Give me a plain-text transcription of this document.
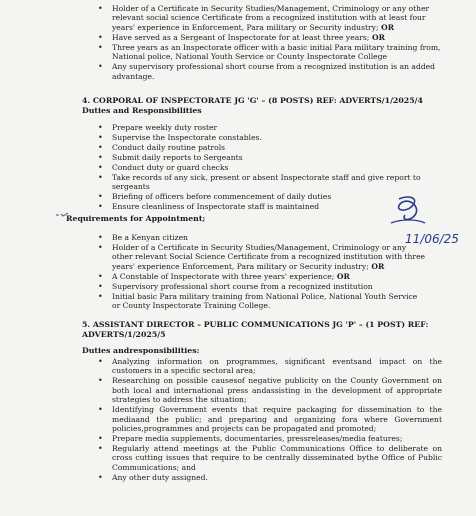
• Holder of a Certificate in Security Studies/Management, Criminology or any other relevant social science Certificate from a recognized institution with at least four years' experience in Enforcement, Para military or Security industry; OR
• Have served as a Sergeant of Inspectorate for at least three years; OR
• Three years as an Inspectorate officer with a basic initial Para military training from, National police, National Youth Service or County Inspectorate College
• Any supervisory professional short course from a recognized institution is an added advantage.
4. CORPORAL OF INSPECTORATE JG 'G' – (8 POSTS) REF: ADVERTS/1/2025/4
Duties and Responsibilities
• Prepare weekly duty roster
• Supervise the Inspectorate constables.
• Conduct daily routine patrols
• Submit daily reports to Sergeants
• Conduct duty or guard checks
• Take records of any sick, present or absent Inspectorate staff and give report to sergeants
• Briefing of officers before commencement of daily duties
• Ensure cleanliness of Inspectorate staff is maintained
Requirements for Appointment;
11/06/25
• Be a Kenyan citizen
• Holder of a Certificate in Security Studies/Management, Criminology or any other relevant Social Science Certificate from a recognized institution with three years' experience Enforcement, Para military or Security industry; OR
• A Constable of Inspectorate with three years' experience; OR
• Supervisory professional short course from a recognized institution
• Initial basic Para military training from National Police, National Youth Service or County Inspectorate Training College.
5. ASSISTANT DIRECTOR – PUBLIC COMMUNICATIONS JG 'P' – (1 POST) REF: ADVERTS/1/2025/5
Duties andresponsibilities:
• Analyzing information on programmes, significant eventsand impact on the customers in a specific sectoral area;
• Researching on possible causesof negative publicity on the County Government on both local and international press andassisting in the development of appropriate strategies to address the situation;
• Identifying Government events that require packaging for dissemination to the mediaand the public; and preparing and organizing fora where Government policies,programmes and projects can be propagated and promoted;
• Prepare media supplements, documentaries, pressreleases/media features;
• Regularly attend meetings at the Public Communications Office to deliberate on cross cutting issues that require to be centrally disseminated bythe Office of Public Communications; and
• Any other duty assigned.
